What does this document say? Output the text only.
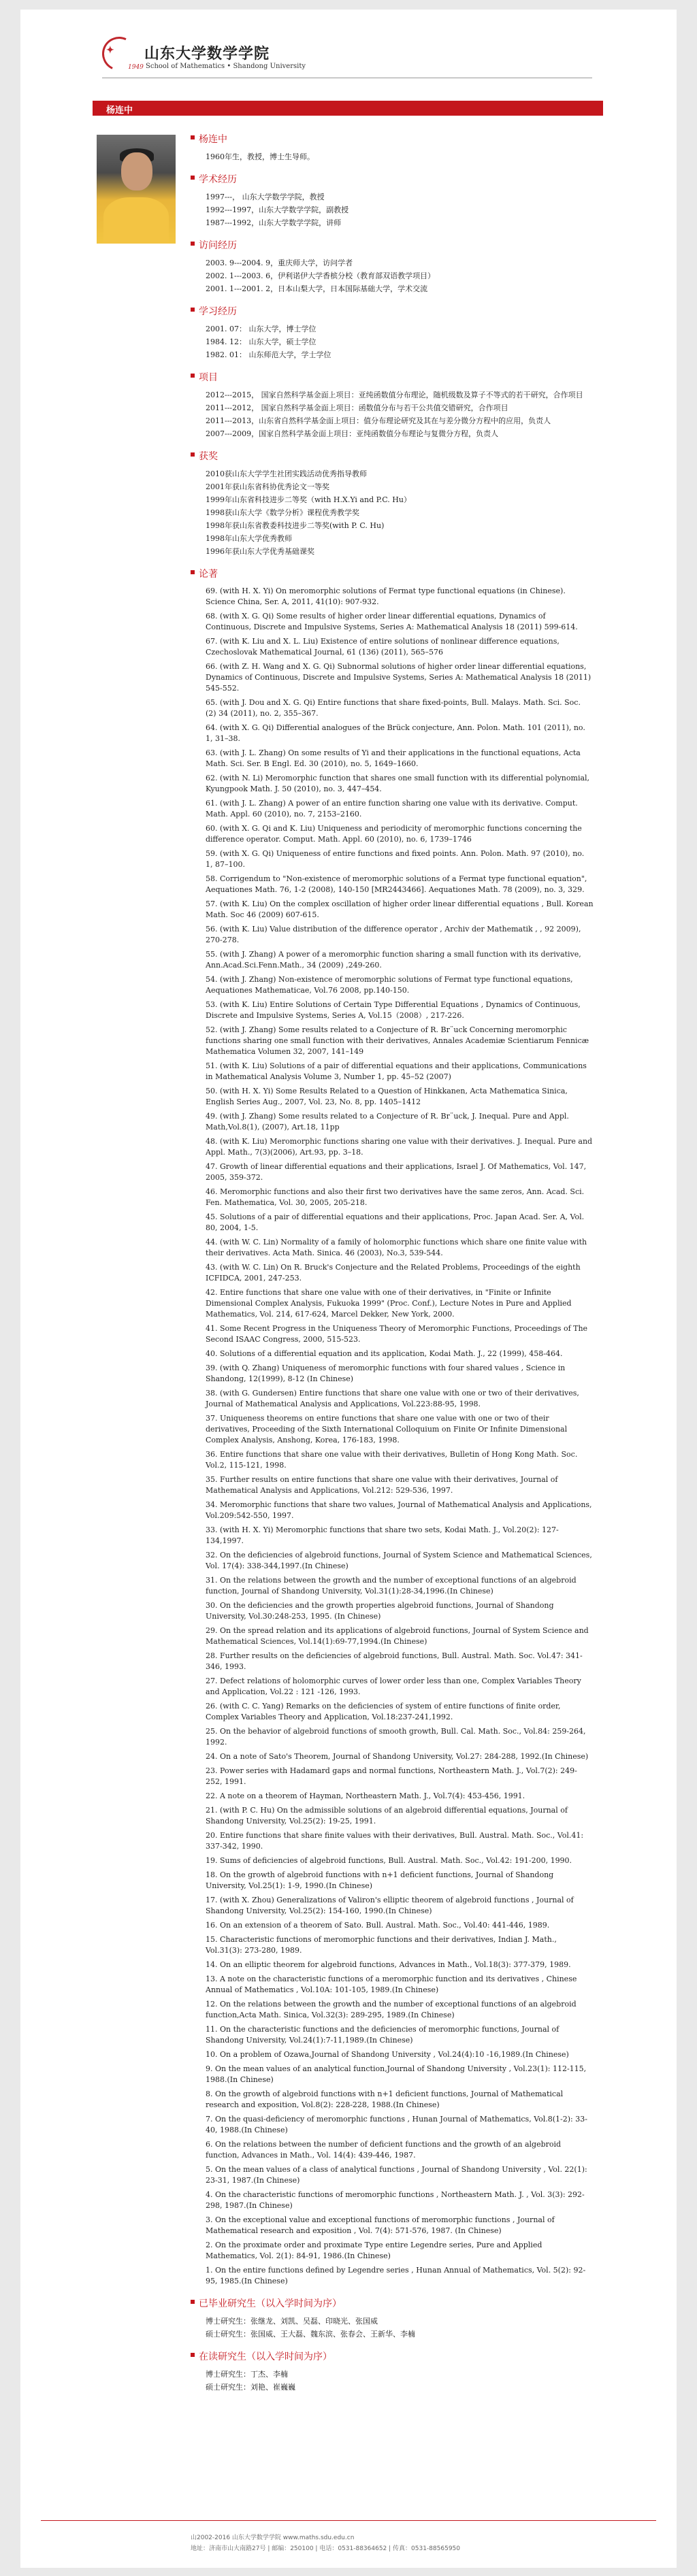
✦
1949
山东大学数学学院
School of Mathematics • Shandong University
杨连中
杨连中
1960年生，教授，博士生导师。
学术经历
1997---， 山东大学数学学院，教授
1992---1997，山东大学数学学院，副教授
1987---1992，山东大学数学学院，讲师
访问经历
2003. 9---2004. 9，重庆师大学，访问学者
2002. 1---2003. 6，伊利诺伊大学香槟分校（教育部双语教学项目）
2001. 1---2001. 2，日本山梨大学，日本国际基础大学，学术交流
学习经历
2001. 07： 山东大学，博士学位
1984. 12： 山东大学，硕士学位
1982. 01： 山东师范大学，学士学位
项目
2012---2015， 国家自然科学基金面上项目：亚纯函数值分布理论，随机级数及算子不等式的若干研究，合作项目
2011---2012， 国家自然科学基金面上项目：函数值分布与若干公共值交错研究，合作项目
2011---2013，山东省自然科学基金面上项目：值分布理论研究及其在与差分微分方程中的应用，负责人
2007---2009，国家自然科学基金面上项目：亚纯函数值分布理论与复微分方程，负责人
获奖
2010获山东大学学生社团实践活动优秀指导教师
2001年获山东省科协优秀论文一等奖
1999年山东省科技进步二等奖（with H.X.Yi and P.C. Hu）
1998获山东大学《数学分析》课程优秀教学奖
1998年获山东省教委科技进步二等奖(with P. C. Hu)
1998年山东大学优秀教师
1996年获山东大学优秀基础课奖
论著
69. (with H. X. Yi) On meromorphic solutions of Fermat type functional equations (in Chinese). Science China, Ser. A, 2011, 41(10): 907-932.
68. (with X. G. Qi) Some results of higher order linear differential equations, Dynamics of Continuous, Discrete and Impulsive Systems, Series A: Mathematical Analysis 18 (2011) 599-614.
67. (with K. Liu and X. L. Liu) Existence of entire solutions of nonlinear difference equations, Czechoslovak Mathematical Journal, 61 (136) (2011), 565–576
66. (with Z. H. Wang and X. G. Qi) Subnormal solutions of higher order linear differential equations, Dynamics of Continuous, Discrete and Impulsive Systems, Series A: Mathematical Analysis 18 (2011) 545-552.
65. (with J. Dou and X. G. Qi) Entire functions that share fixed-points, Bull. Malays. Math. Sci. Soc. (2) 34 (2011), no. 2, 355–367.
64. (with X. G. Qi) Differential analogues of the Brück conjecture, Ann. Polon. Math. 101 (2011), no. 1, 31–38.
63. (with J. L. Zhang) On some results of Yi and their applications in the functional equations, Acta Math. Sci. Ser. B Engl. Ed. 30 (2010), no. 5, 1649–1660.
62. (with N. Li) Meromorphic function that shares one small function with its differential polynomial, Kyungpook Math. J. 50 (2010), no. 3, 447–454.
61. (with J. L. Zhang) A power of an entire function sharing one value with its derivative. Comput. Math. Appl. 60 (2010), no. 7, 2153–2160.
60. (with X. G. Qi and K. Liu) Uniqueness and periodicity of meromorphic functions concerning the difference operator. Comput. Math. Appl. 60 (2010), no. 6, 1739–1746
59. (with X. G. Qi) Uniqueness of entire functions and fixed points. Ann. Polon. Math. 97 (2010), no. 1, 87–100.
58. Corrigendum to "Non-existence of meromorphic solutions of a Fermat type functional equation", Aequationes Math. 76, 1-2 (2008), 140-150 [MR2443466]. Aequationes Math. 78 (2009), no. 3, 329.
57. (with K. Liu) On the complex oscillation of higher order linear differential equations , Bull. Korean Math. Soc 46 (2009) 607-615.
56. (with K. Liu) Value distribution of the difference operator , Archiv der Mathematik , , 92 2009), 270-278.
55. (with J. Zhang) A power of a meromorphic function sharing a small function with its derivative, Ann.Acad.Sci.Fenn.Math., 34 (2009) ,249-260.
54. (with J. Zhang) Non-existence of meromorphic solutions of Fermat type functional equations, Aequationes Mathematicae, Vol.76 2008, pp.140-150.
53. (with K. Liu) Entire Solutions of Certain Type Differential Equations , Dynamics of Continuous, Discrete and Impulsive Systems, Series A, Vol.15（2008）, 217-226.
52. (with J. Zhang) Some results related to a Conjecture of R. Br¨uck Concerning meromorphic functions sharing one small function with their derivatives, Annales Academiæ Scientiarum Fennicæ Mathematica Volumen 32, 2007, 141–149
51. (with K. Liu) Solutions of a pair of differential equations and their applications, Communications in Mathematical Analysis Volume 3, Number 1, pp. 45–52 (2007)
50. (with H. X. Yi) Some Results Related to a Question of Hinkkanen, Acta Mathematica Sinica, English Series Aug., 2007, Vol. 23, No. 8, pp. 1405–1412
49. (with J. Zhang) Some results related to a Conjecture of R. Br¨uck, J. Inequal. Pure and Appl. Math,Vol.8(1), (2007), Art.18, 11pp
48. (with K. Liu) Meromorphic functions sharing one value with their derivatives. J. Inequal. Pure and Appl. Math., 7(3)(2006), Art.93, pp. 3–18.
47. Growth of linear differential equations and their applications, Israel J. Of Mathematics, Vol. 147, 2005, 359-372.
46. Meromorphic functions and also their first two derivatives have the same zeros, Ann. Acad. Sci. Fen. Mathematica, Vol. 30, 2005, 205-218.
45. Solutions of a pair of differential equations and their applications, Proc. Japan Acad. Ser. A, Vol. 80, 2004, 1-5.
44. (with W. C. Lin) Normality of a family of holomorphic functions which share one finite value with their derivatives. Acta Math. Sinica. 46 (2003), No.3, 539-544.
43. (with W. C. Lin) On R. Bruck's Conjecture and the Related Problems, Proceedings of the eighth ICFIDCA, 2001, 247-253.
42. Entire functions that share one value with one of their derivatives, in "Finite or Infinite Dimensional Complex Analysis, Fukuoka 1999" (Proc. Conf.), Lecture Notes in Pure and Applied Mathematics, Vol. 214, 617-624, Marcel Dekker, New York, 2000.
41. Some Recent Progress in the Uniqueness Theory of Meromorphic Functions, Proceedings of The Second ISAAC Congress, 2000, 515-523.
40. Solutions of a differential equation and its application, Kodai Math. J., 22 (1999), 458-464.
39. (with Q. Zhang) Uniqueness of meromorphic functions with four shared values , Science in Shandong, 12(1999), 8-12 (In Chinese)
38. (with G. Gundersen) Entire functions that share one value with one or two of their derivatives, Journal of Mathematical Analysis and Applications, Vol.223:88-95, 1998.
37. Uniqueness theorems on entire functions that share one value with one or two of their derivatives, Proceeding of the Sixth International Colloquium on Finite Or Infinite Dimensional Complex Analysis, Anshong, Korea, 176-183, 1998.
36. Entire functions that share one value with their derivatives, Bulletin of Hong Kong Math. Soc. Vol.2, 115-121, 1998.
35. Further results on entire functions that share one value with their derivatives, Journal of Mathematical Analysis and Applications, Vol.212: 529-536, 1997.
34. Meromorphic functions that share two values, Journal of Mathematical Analysis and Applications, Vol.209:542-550, 1997.
33. (with H. X. Yi) Meromorphic functions that share two sets, Kodai Math. J., Vol.20(2): 127-134,1997.
32. On the deficiencies of algebroid functions, Journal of System Science and Mathematical Sciences, Vol. 17(4): 338-344,1997.(In Chinese)
31. On the relations between the growth and the number of exceptional functions of an algebroid function, Journal of Shandong University, Vol.31(1):28-34,1996.(In Chinese)
30. On the deficiencies and the growth properties algebroid functions, Journal of Shandong University, Vol.30:248-253, 1995. (In Chinese)
29. On the spread relation and its applications of algebroid functions, Journal of System Science and Mathematical Sciences, Vol.14(1):69-77,1994.(In Chinese)
28. Further results on the deficiencies of algebroid functions, Bull. Austral. Math. Soc. Vol.47: 341-346, 1993.
27. Defect relations of holomorphic curves of lower order less than one, Complex Variables Theory and Application, Vol.22 : 121 -126, 1993.
26. (with C. C. Yang) Remarks on the deficiencies of system of entire functions of finite order, Complex Variables Theory and Application, Vol.18:237-241,1992.
25. On the behavior of algebroid functions of smooth growth, Bull. Cal. Math. Soc., Vol.84: 259-264, 1992.
24. On a note of Sato's Theorem, Journal of Shandong University, Vol.27: 284-288, 1992.(In Chinese)
23. Power series with Hadamard gaps and normal functions, Northeastern Math. J., Vol.7(2): 249-252, 1991.
22. A note on a theorem of Hayman, Northeastern Math. J., Vol.7(4): 453-456, 1991.
21. (with P. C. Hu) On the admissible solutions of an algebroid differential equations, Journal of Shandong University, Vol.25(2): 19-25, 1991.
20. Entire functions that share finite values with their derivatives, Bull. Austral. Math. Soc., Vol.41: 337-342, 1990.
19. Sums of deficiencies of algebroid functions, Bull. Austral. Math. Soc., Vol.42: 191-200, 1990.
18. On the growth of algebroid functions with n+1 deficient functions, Journal of Shandong University, Vol.25(1): 1-9, 1990.(In Chinese)
17. (with X. Zhou) Generalizations of Valiron's elliptic theorem of algebroid functions , Journal of Shandong University, Vol.25(2): 154-160, 1990.(In Chinese)
16. On an extension of a theorem of Sato. Bull. Austral. Math. Soc., Vol.40: 441-446, 1989.
15. Characteristic functions of meromorphic functions and their derivatives, Indian J. Math., Vol.31(3): 273-280, 1989.
14. On an elliptic theorem for algebroid functions, Advances in Math., Vol.18(3): 377-379, 1989.
13. A note on the characteristic functions of a meromorphic function and its derivatives , Chinese Annual of Mathematics , Vol.10A: 101-105, 1989.(In Chinese)
12. On the relations between the growth and the number of exceptional functions of an algebroid function,Acta Math. Sinica, Vol.32(3): 289-295, 1989.(In Chinese)
11. On the characteristic functions and the deficiencies of meromorphic functions, Journal of Shandong University, Vol.24(1):7-11,1989.(In Chinese)
10. On a problem of Ozawa,Journal of Shandong University , Vol.24(4):10 -16,1989.(In Chinese)
9. On the mean values of an analytical function,Journal of Shandong University , Vol.23(1): 112-115, 1988.(In Chinese)
8. On the growth of algebroid functions with n+1 deficient functions, Journal of Mathematical research and exposition, Vol.8(2): 228-228, 1988.(In Chinese)
7. On the quasi-deficiency of meromorphic functions , Hunan Journal of Mathematics, Vol.8(1-2): 33-40, 1988.(In Chinese)
6. On the relations between the number of deficient functions and the growth of an algebroid function, Advances in Math., Vol. 14(4): 439-446, 1987.
5. On the mean values of a class of analytical functions , Journal of Shandong University , Vol. 22(1): 23-31, 1987.(In Chinese)
4. On the characteristic functions of meromorphic functions , Northeastern Math. J. , Vol. 3(3): 292-298, 1987.(In Chinese)
3. On the exceptional value and exceptional functions of meromorphic functions , Journal of Mathematical research and exposition , Vol. 7(4): 571-576, 1987. (In Chinese)
2. On the proximate order and proximate Type entire Legendre series, Pure and Applied Mathematics, Vol. 2(1): 84-91, 1986.(In Chinese)
1. On the entire functions defined by Legendre series , Hunan Annual of Mathematics, Vol. 5(2): 92-95, 1985.(In Chinese)
已毕业研究生（以入学时间为序）
博士研究生：张继龙、刘凯、吴磊、印晓光、张国威
硕士研究生：张国威、王大磊、魏东滨、张春会、王新华、李楠
在读研究生（以入学时间为序）
博士研究生：丁杰、李楠
硕士研究生：刘艳、崔巍巍
山2002-2016 山东大学数学学院 www.maths.sdu.edu.cn
地址：济南市山大南路27号 | 邮编：250100 | 电话：0531-88364652 | 传真：0531-88565950
